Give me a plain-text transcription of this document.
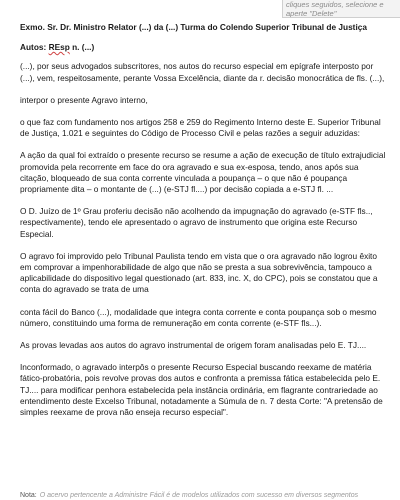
cliques seguidos, selecione e
aperte "Delete"
Exmo. Sr. Dr. Ministro Relator (...) da (...) Turma do Colendo Superior Tribunal de Justiça
Autos: REsp n. (...)

(...), por seus advogados subscritores, nos autos do recurso especial em epígrafe interposto por (...), vem, respeitosamente, perante Vossa Excelência, diante da r. decisão monocrática de fls. (...),

interpor o presente Agravo interno,

o que faz com fundamento nos artigos 258 e 259 do Regimento Interno deste E. Superior Tribunal de Justiça, 1.021 e seguintes do Código de Processo Civil e pelas razões a seguir aduzidas:

A ação da qual foi extraído o presente recurso se resume a ação de execução de título extrajudicial promovida pela recorrente em face do ora agravado e sua ex-esposa, tendo, anos após sua citação, bloqueado de sua conta corrente vinculada a poupança – o que não é poupança propriamente dita – o montante de (...) (e-STJ fl....) por decisão copiada a e-STJ fl. ...

O D. Juízo de 1º Grau proferiu decisão não acolhendo da impugnação do agravado (e-STF fls.., respectivamente), tendo ele apresentado o agravo de instrumento que origina este Recurso Especial.

O agravo foi improvido pelo Tribunal Paulista tendo em vista que o ora agravado não logrou êxito em comprovar a impenhorabilidade de algo que não se presta a sua sobrevivência, tampouco a aplicabilidade do dispositivo legal questionado (art. 833, inc. X, do CPC), pois se constatou que a conta do agravado se trata de uma

conta fácil do Banco (...), modalidade que integra conta corrente e conta poupança sob o mesmo número, constituindo uma forma de remuneração em conta corrente (e-STF fls...).

As provas levadas aos autos do agravo instrumental de origem foram analisadas pelo E. TJ....

Inconformado, o agravado interpôs o presente Recurso Especial buscando reexame de matéria fático-probatória, pois revolve provas dos autos e confronta a premissa fática estabelecida pelo E. TJ.... para modificar penhora estabelecida pela instância ordinária, em flagrante contrariedade ao entendimento deste Excelso Tribunal, notadamente a Súmula de n. 7 desta Corte: "A pretensão de simples reexame de prova não enseja recurso especial".

Nota: O acervo pertencente a Administre Fácil é de modelos utilizados com sucesso em diversos segmentos
